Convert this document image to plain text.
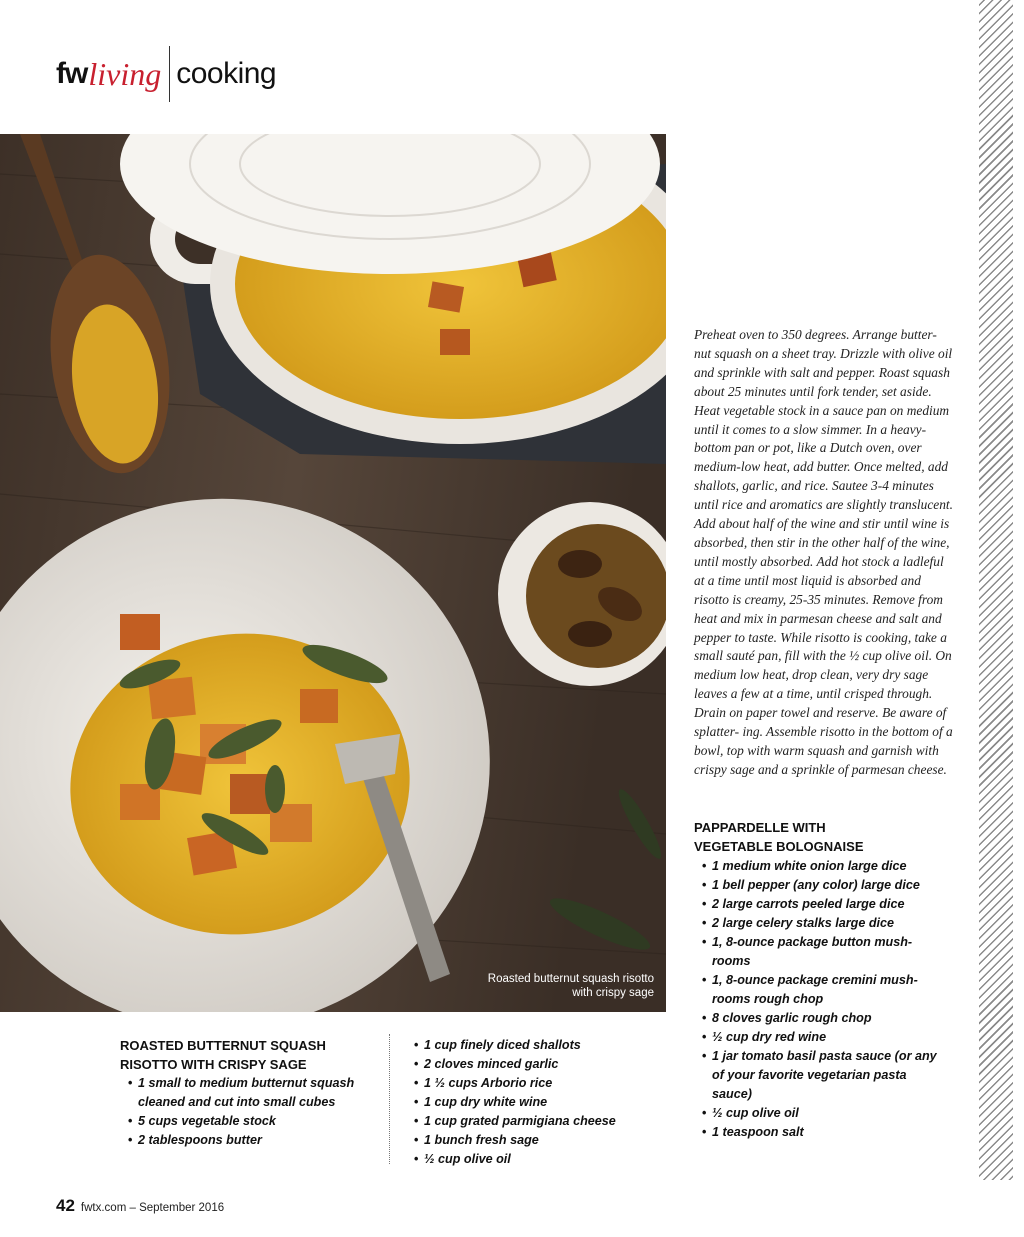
fw living cooking
Roasted butternut squash risotto
with crispy sage
Preheat oven to 350 degrees. Arrange butter- nut squash on a sheet tray. Drizzle with olive oil and sprinkle with salt and pepper. Roast squash about 25 minutes until fork tender, set aside. Heat vegetable stock in a sauce pan on medium until it comes to a slow simmer. In a heavy-bottom pan or pot, like a Dutch oven, over medium-low heat, add butter. Once melted, add shallots, garlic, and rice. Sautee 3-4 minutes until rice and aromatics are slightly translucent. Add about half of the wine and stir until wine is absorbed, then stir in the other half of the wine, until mostly absorbed. Add hot stock a ladleful at a time until most liquid is absorbed and risotto is creamy, 25-35 minutes. Remove from heat and mix in parmesan cheese and salt and pepper to taste. While risotto is cooking, take a small sauté pan, fill with the ½ cup olive oil. On medium low heat, drop clean, very dry sage leaves a few at a time, until crisped through. Drain on paper towel and reserve. Be aware of splatter- ing. Assemble risotto in the bottom of a bowl, top with warm squash and garnish with crispy sage and a sprinkle of parmesan cheese.

PAPPARDELLE WITH

VEGETABLE BOLOGNAISE

• 1 medium white onion large dice
• 1 bell pepper (any color) large dice
• 2 large carrots peeled large dice
• 2 large celery stalks large dice
• 1, 8-ounce package button mush- rooms
• 1, 8-ounce package cremini mush- rooms rough chop
• 8 cloves garlic rough chop
• ½ cup dry red wine
• 1 jar tomato basil pasta sauce (or any of your favorite vegetarian pasta sauce)
• ½ cup olive oil
• 1 teaspoon salt

ROASTED BUTTERNUT SQUASH

RISOTTO WITH CRISPY SAGE

• 1 small to medium butternut squash cleaned and cut into small cubes
• 5 cups vegetable stock
• 2 tablespoons butter
• 1 cup finely diced shallots
• 2 cloves minced garlic
• 1 ½ cups Arborio rice
• 1 cup dry white wine
• 1 cup grated parmigiana cheese
• 1 bunch fresh sage
• ½ cup olive oil
42 fwtx.com – September 2016
